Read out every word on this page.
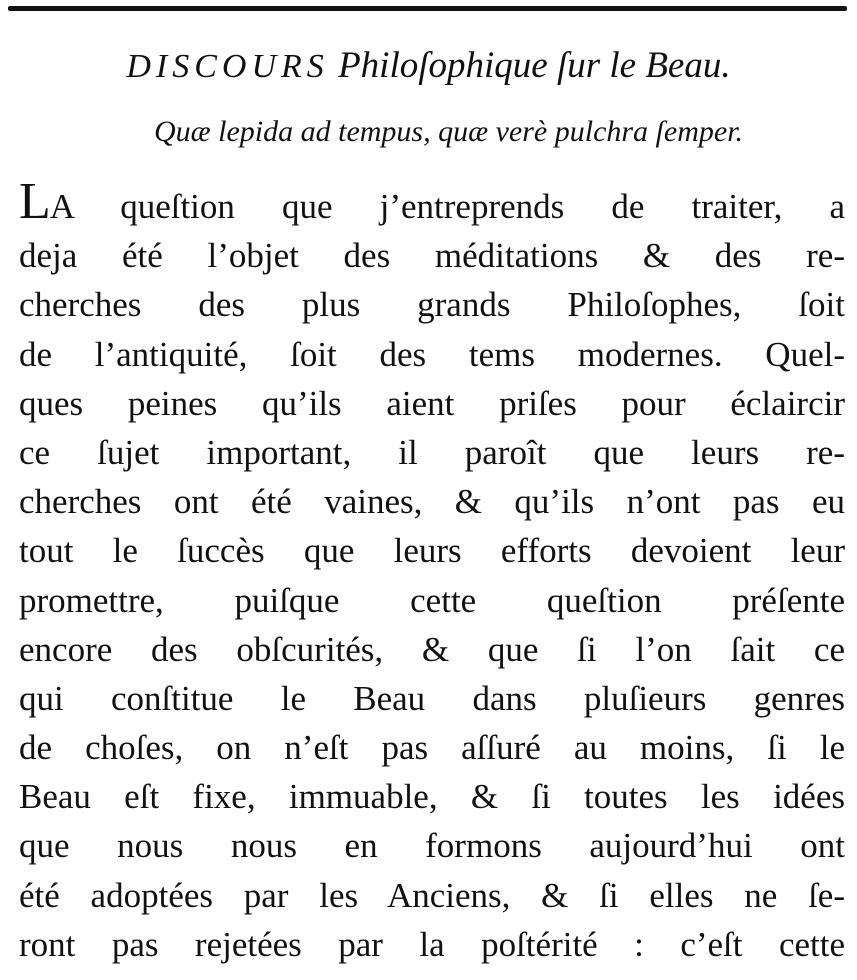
DISCOURS Philoſophique ſur le Beau.
Quæ lepida ad tempus, quæ verè pulchra ſemper.
LA queſtion que j’entreprends de traiter, a
deja été l’objet des méditations & des re-
cherches des plus grands Philoſophes, ſoit
de l’antiquité, ſoit des tems modernes. Quel-
ques peines qu’ils aient priſes pour éclaircir
ce ſujet important, il paroît que leurs re-
cherches ont été vaines, & qu’ils n’ont pas eu
tout le ſuccès que leurs efforts devoient leur
promettre, puiſque cette queſtion préſente
encore des obſcurités, & que ſi l’on ſait ce
qui conſtitue le Beau dans pluſieurs genres
de choſes, on n’eſt pas aſſuré au moins, ſi le
Beau eſt fixe, immuable, & ſi toutes les idées
que nous nous en formons aujourd’hui ont
été adoptées par les Anciens, & ſi elles ne ſe-
ront pas rejetées par la poſtérité : c’eſt cette
